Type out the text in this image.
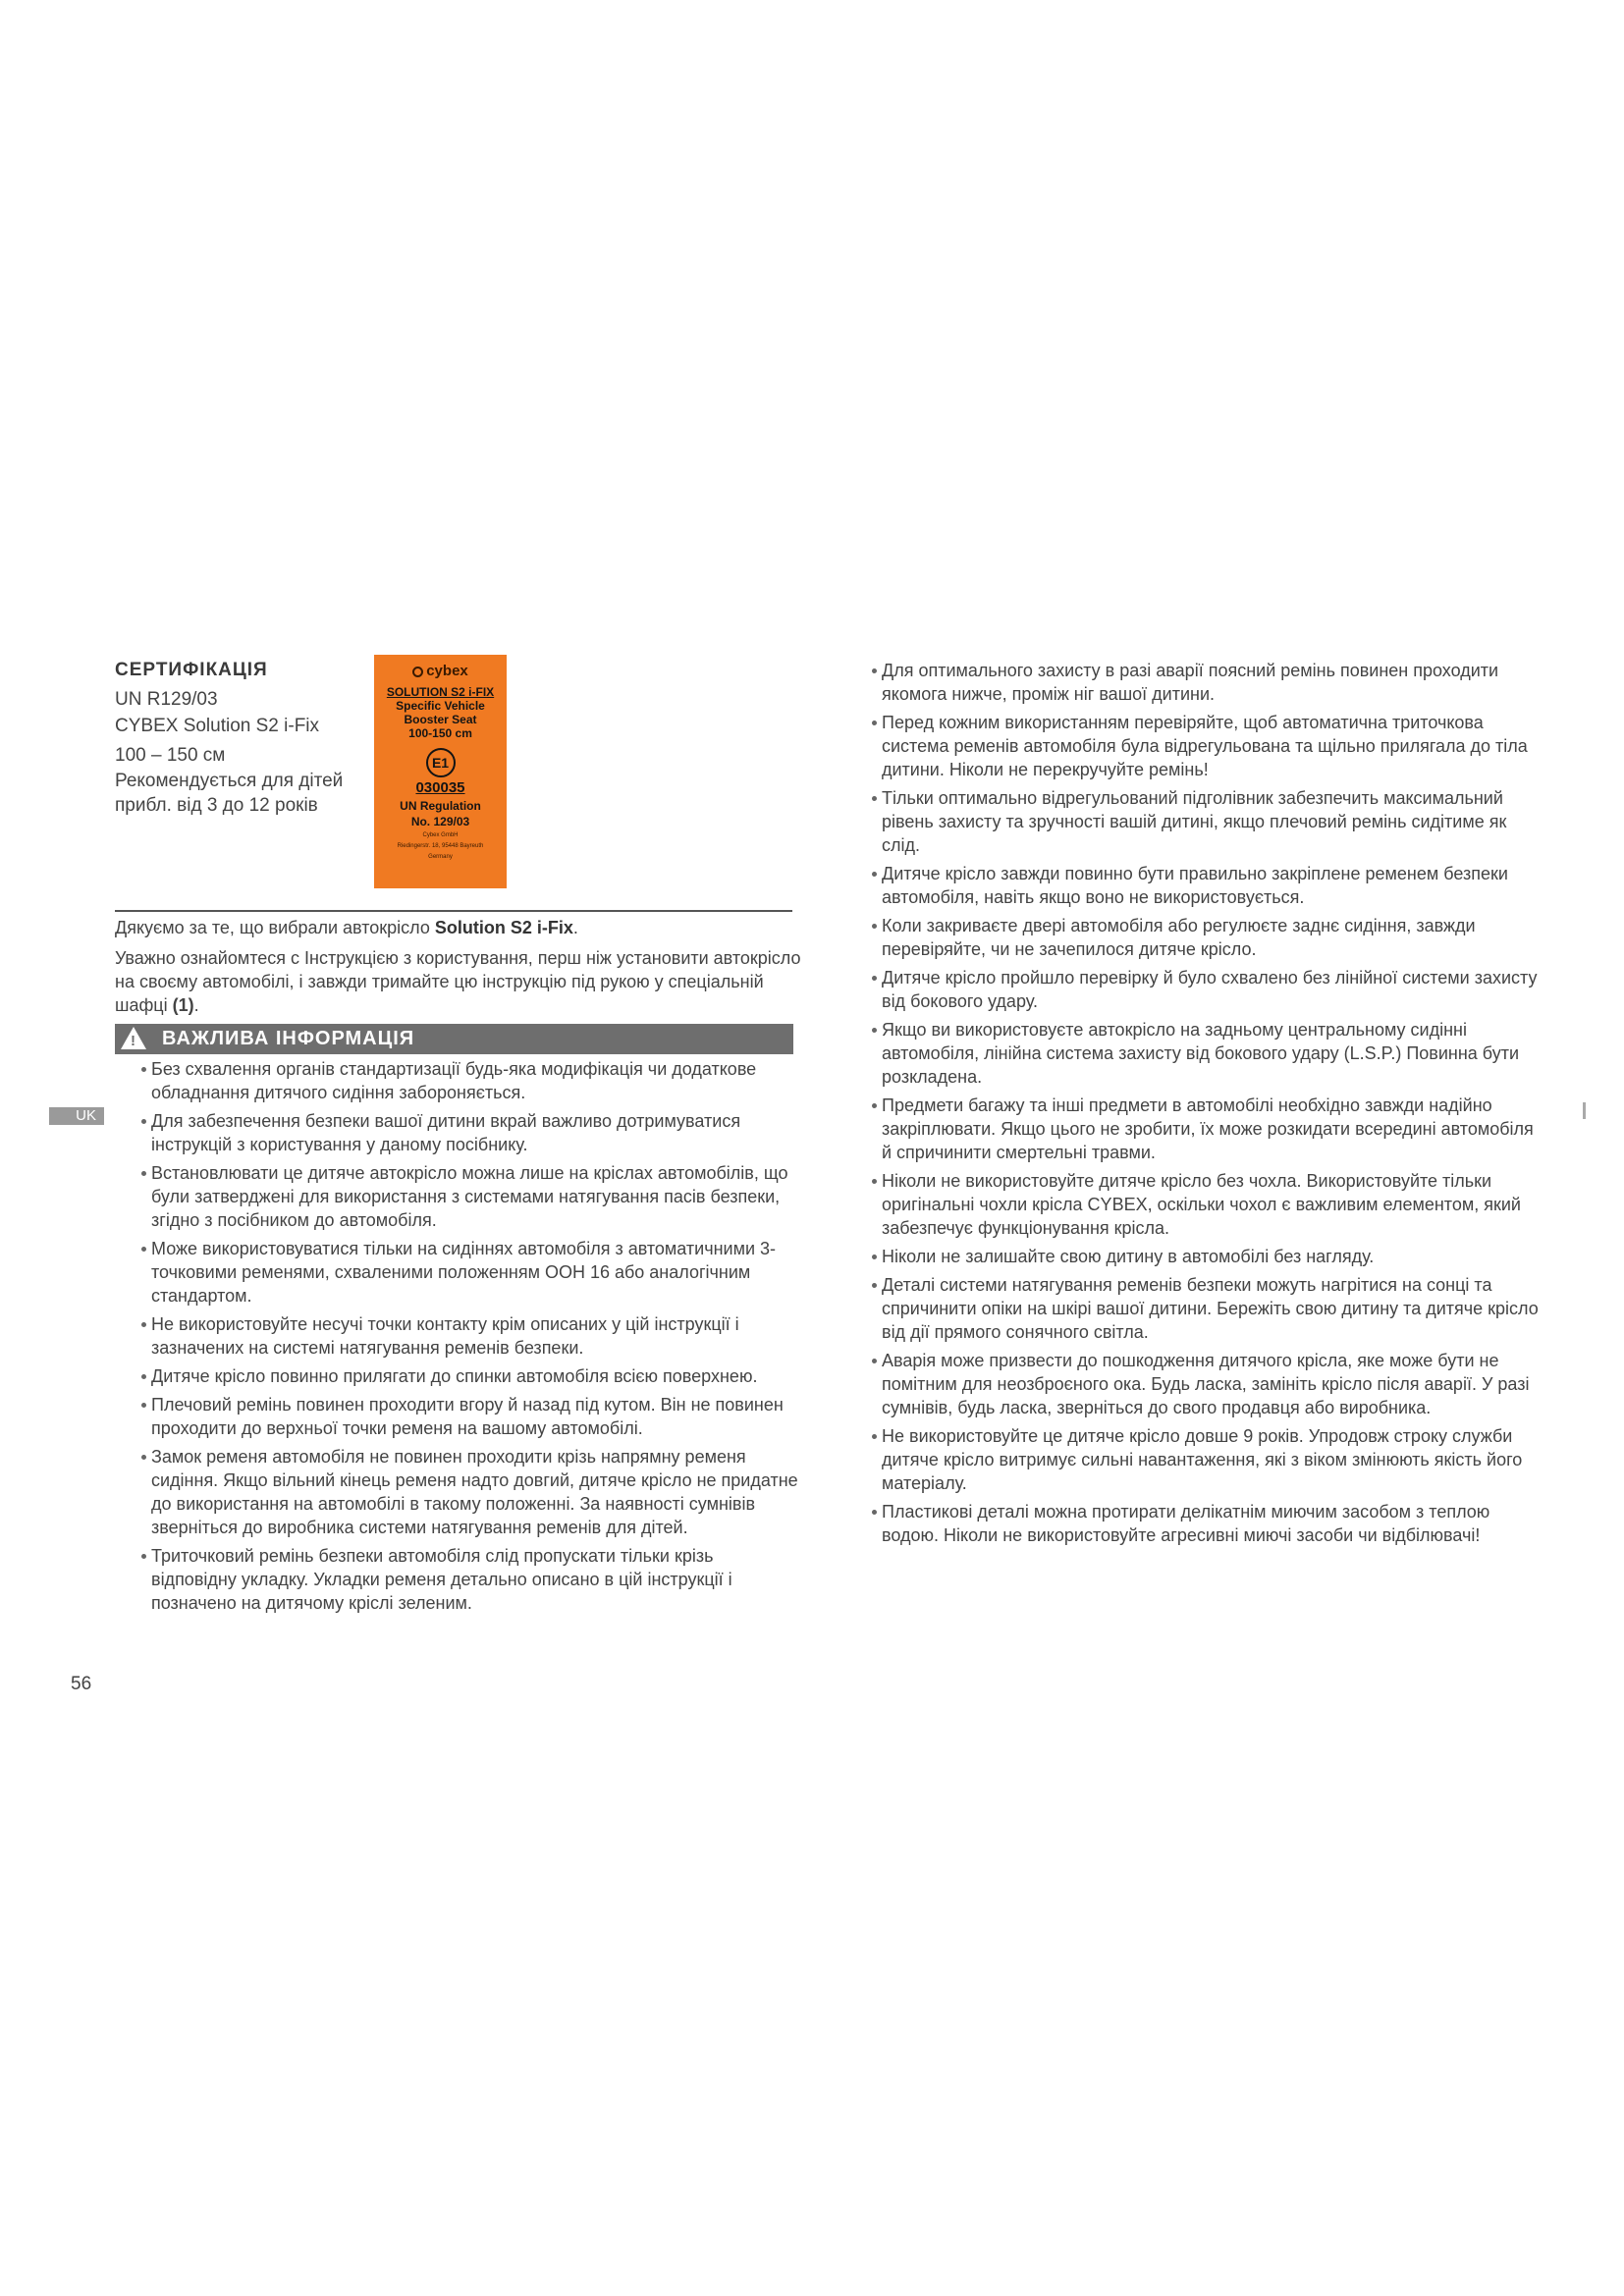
СЕРТИФІКАЦІЯ
UN R129/03
CYBEX Solution S2 i-Fix
100 – 150 см
Рекомендується для дітей прибл. від 3 до 12 років
cybex
SOLUTION S2 i-FIX
Specific Vehicle
Booster Seat
100-150 cm
E1
030035
UN Regulation
No. 129/03
Cybex GmbH
Riedingerstr. 18, 95448 Bayreuth
Germany
Дякуємо за те, що вибрали автокрісло Solution S2 i-Fix.
Уважно ознайомтеся с Інструкцією з користування, перш ніж установити автокрісло на своєму автомобілі, і завжди тримайте цю інструкцію під рукою у спеціальній шафці (1).
ВАЖЛИВА ІНФОРМАЦІЯ
!
UK
Без схвалення органів стандартизації будь-яка модифікація чи додаткове обладнання дитячого сидіння забороняється.
Для забезпечення безпеки вашої дитини вкрай важливо дотримуватися інструкцій з користування у даному посібнику.
Встановлювати це дитяче автокрісло можна лише на кріслах автомобілів, що були затверджені для використання з системами натягування пасів безпеки, згідно з посібником до автомобіля.
Може використовуватися тільки на сидіннях автомобіля з автоматичними 3-точковими ременями, схваленими положенням ООН 16 або аналогічним стандартом.
Не використовуйте несучі точки контакту крім описаних у цій інструкції і зазначених на системі натягування ременів безпеки.
Дитяче крісло повинно прилягати до спинки автомобіля всією поверхнею.
Плечовий ремінь повинен проходити вгору й назад під кутом. Він не повинен проходити до верхньої точки ременя на вашому автомобілі.
Замок ременя автомобіля не повинен проходити крізь напрямну ременя сидіння. Якщо вільний кінець ременя надто довгий, дитяче крісло не придатне до використання на автомобілі в такому положенні. За наявності сумнівів зверніться до виробника системи натягування ременів для дітей.
Триточковий ремінь безпеки автомобіля слід пропускати тільки крізь відповідну укладку. Укладки ременя детально описано в цій інструкції і позначено на дитячому кріслі зеленим.
Для оптимального захисту в разі аварії поясний ремінь повинен проходити якомога нижче, проміж ніг вашої дитини.
Перед кожним використанням перевіряйте, щоб автоматична триточкова система ременів автомобіля була відрегульована та щільно прилягала до тіла дитини. Ніколи не перекручуйте ремінь!
Тільки оптимально відрегульований підголівник забезпечить максимальний рівень захисту та зручності вашій дитині, якщо плечовий ремінь сидітиме як слід.
Дитяче крісло завжди повинно бути правильно закріплене ременем безпеки автомобіля, навіть якщо воно не використовується.
Коли закриваєте двері автомобіля або регулюєте заднє сидіння, завжди перевіряйте, чи не зачепилося дитяче крісло.
Дитяче крісло пройшло перевірку й було схвалено без лінійної системи захисту від бокового удару.
Якщо ви використовуєте автокрісло на задньому центральному сидінні автомобіля, лінійна система захисту від бокового удару (L.S.P.) Повинна бути розкладена.
Предмети багажу та інші предмети в автомобілі необхідно завжди надійно закріплювати. Якщо цього не зробити, їх може розкидати всередині автомобіля й спричинити смертельні травми.
Ніколи не використовуйте дитяче крісло без чохла. Використовуйте тільки оригінальні чохли крісла CYBEX, оскільки чохол є важливим елементом, який забезпечує функціонування крісла.
Ніколи не залишайте свою дитину в автомобілі без нагляду.
Деталі системи натягування ременів безпеки можуть нагрітися на сонці та спричинити опіки на шкірі вашої дитини. Бережіть свою дитину та дитяче крісло від дії прямого сонячного світла.
Аварія може призвести до пошкодження дитячого крісла, яке може бути не помітним для неозброєного ока. Будь ласка, замініть крісло після аварії. У разі сумнівів, будь ласка, зверніться до свого продавця або виробника.
Не використовуйте це дитяче крісло довше 9 років. Упродовж строку служби дитяче крісло витримує сильні навантаження, які з віком змінюють якість його матеріалу.
Пластикові деталі можна протирати делікатнім миючим засобом з теплою водою. Ніколи не використовуйте агресивні миючі засоби чи відбілювачі!
56
